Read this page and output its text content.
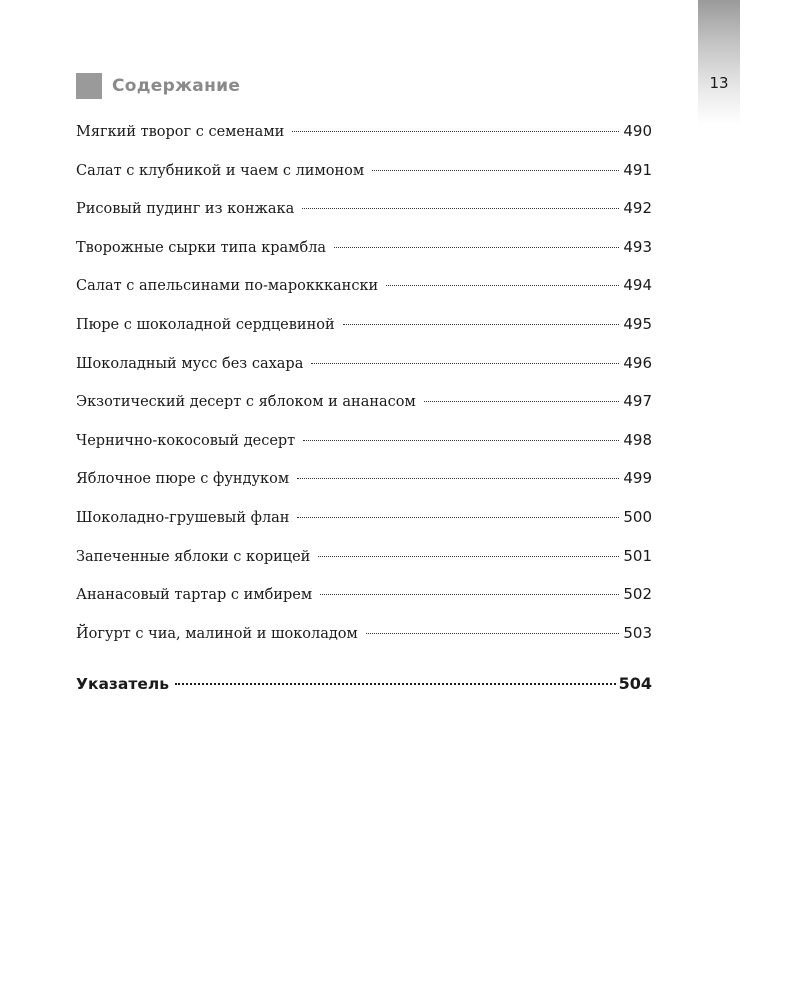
13
Содержание
Мягкий творог с семенами	490
Салат с клубникой и чаем с лимоном	491
Рисовый пудинг из конжака	492
Творожные сырки типа крамбла	493
Салат с апельсинами по-марокккански	494
Пюре с шоколадной сердцевиной	495
Шоколадный мусс без сахара	496
Экзотический десерт с яблоком и ананасом	497
Чернично-кокосовый десерт	498
Яблочное пюре с фундуком	499
Шоколадно-грушевый флан	500
Запеченные яблоки с корицей	501
Ананасовый тартар с имбирем	502
Йогурт с чиа, малиной и шоколадом	503
Указатель	504
